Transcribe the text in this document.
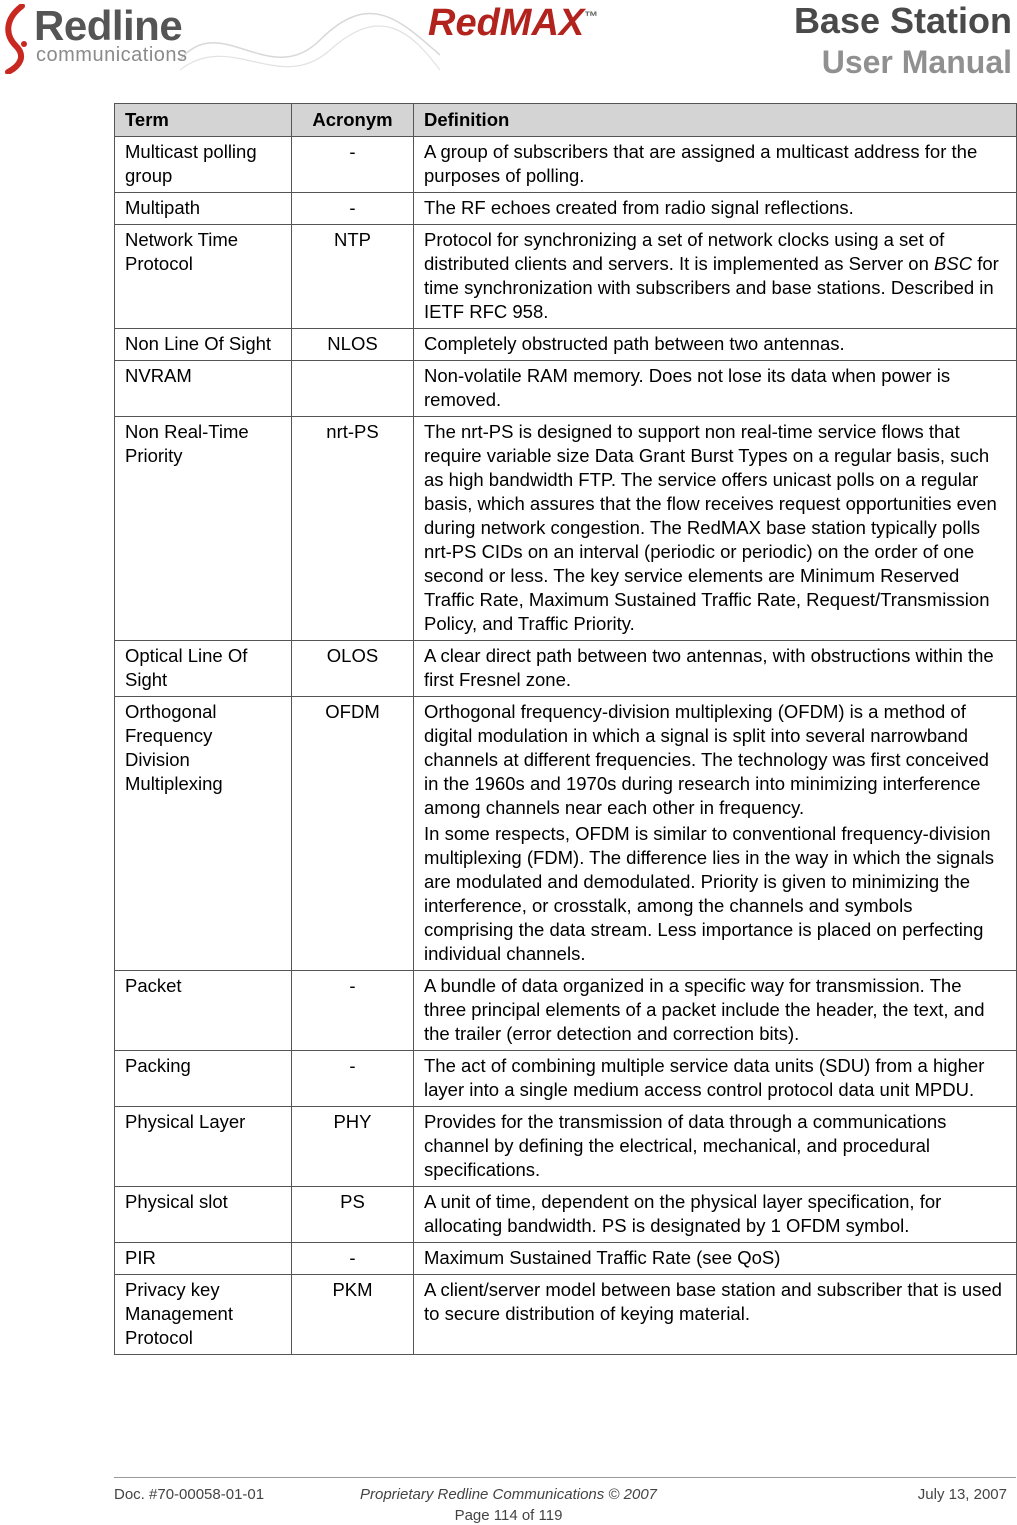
Redline
communications
RedMAX™	Base Station
User Manual
Term	Acronym	Definition
Multicast polling group	-	A group of subscribers that are assigned a multicast address for the purposes of polling.

Multipath	-	The RF echoes created from radio signal reflections.

Network Time Protocol	NTP	Protocol for synchronizing a set of network clocks using a set of distributed clients and servers. It is implemented as Server on BSC for time synchronization with subscribers and base stations. Described in IETF RFC 958.

Non Line Of Sight	NLOS	Completely obstructed path between two antennas.

NVRAM		Non-volatile RAM memory. Does not lose its data when power is removed.

Non Real-Time Priority	nrt-PS	The nrt-PS is designed to support non real-time service flows that require variable size Data Grant Burst Types on a regular basis, such as high bandwidth FTP. The service offers unicast polls on a regular basis, which assures that the flow receives request opportunities even during network congestion. The RedMAX base station typically polls nrt-PS CIDs on an interval (periodic or periodic) on the order of one second or less. The key service elements are Minimum Reserved Traffic Rate, Maximum Sustained Traffic Rate, Request/Transmission Policy, and Traffic Priority.

Optical Line Of Sight	OLOS	A clear direct path between two antennas, with obstructions within the first Fresnel zone.

Orthogonal Frequency Division Multiplexing	OFDM	Orthogonal frequency-division multiplexing (OFDM) is a method of digital modulation in which a signal is split into several narrowband channels at different frequencies. The technology was first conceived in the 1960s and 1970s during research into minimizing interference among channels near each other in frequency.

In some respects, OFDM is similar to conventional frequency-division multiplexing (FDM). The difference lies in the way in which the signals are modulated and demodulated. Priority is given to minimizing the interference, or crosstalk, among the channels and symbols comprising the data stream. Less importance is placed on perfecting individual channels.

Packet	-	A bundle of data organized in a specific way for transmission. The three principal elements of a packet include the header, the text, and the trailer (error detection and correction bits).

Packing	-	The act of combining multiple service data units (SDU) from a higher layer into a single medium access control protocol data unit MPDU.

Physical Layer	PHY	Provides for the transmission of data through a communications channel by defining the electrical, mechanical, and procedural specifications.

Physical slot	PS	A unit of time, dependent on the physical layer specification, for allocating bandwidth. PS is designated by 1 OFDM symbol.

PIR	-	Maximum Sustained Traffic Rate (see QoS)

Privacy key Management Protocol	PKM	A client/server model between base station and subscriber that is used to secure distribution of keying material.

Doc. #70-00058-01-01	Proprietary Redline Communications © 2007	July 13, 2007
Page 114 of 119
